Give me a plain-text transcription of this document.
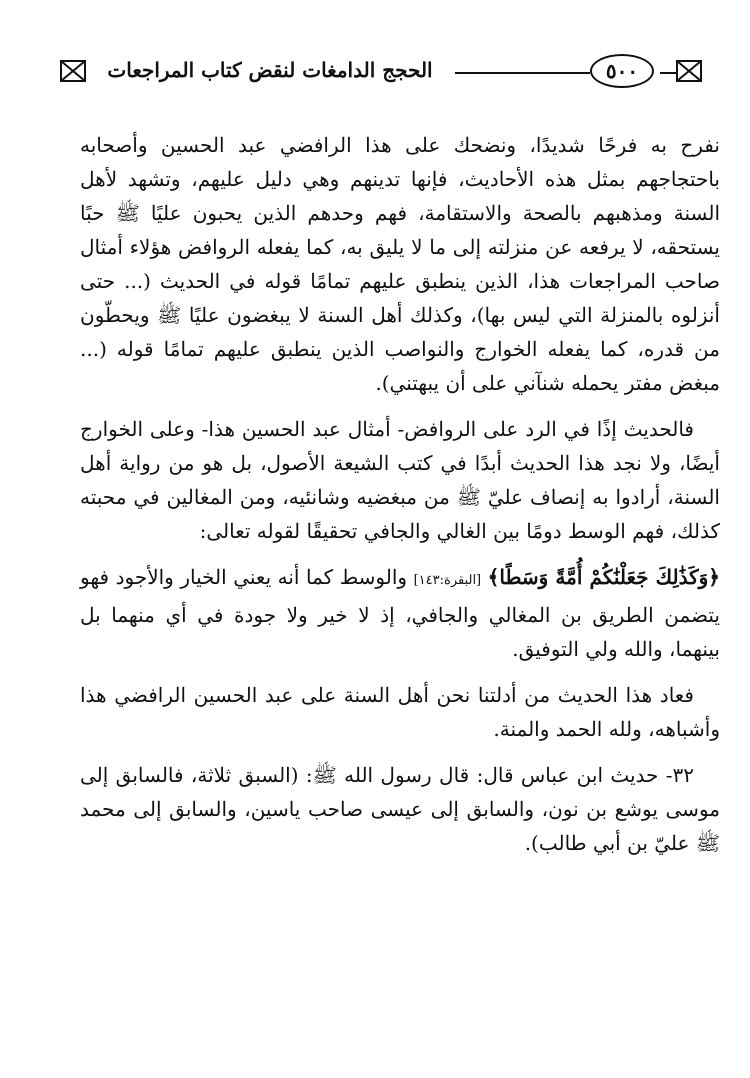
الحجج الدامغات لنقض كتاب المراجعات	٥٠٠

نفرح به فرحًا شديدًا، ونضحك على هذا الرافضي عبد الحسين وأصحابه باحتجاجهم بمثل هذه الأحاديث، فإنها تدينهم وهي دليل عليهم، وتشهد لأهل السنة ومذهبهم بالصحة والاستقامة، فهم وحدهم الذين يحبون عليًا ﷺ حبًا يستحقه، لا يرفعه عن منزلته إلى ما لا يليق به، كما يفعله الروافض هؤلاء أمثال صاحب المراجعات هذا، الذين ينطبق عليهم تمامًا قوله في الحديث (... حتى أنزلوه بالمنزلة التي ليس بها)، وكذلك أهل السنة لا يبغضون عليًا ﷺ ويحطّون من قدره، كما يفعله الخوارج والنواصب الذين ينطبق عليهم تمامًا قوله (... مبغض مفتر يحمله شنآني على أن يبهتني).

فالحديث إذًا في الرد على الروافض- أمثال عبد الحسين هذا- وعلى الخوارج أيضًا، ولا نجد هذا الحديث أبدًا في كتب الشيعة الأصول، بل هو من رواية أهل السنة، أرادوا به إنصاف عليّ ﷺ من مبغضيه وشانئيه، ومن المغالين في محبته كذلك، فهم الوسط دومًا بين الغالي والجافي تحقيقًا لقوله تعالى:

﴿وَكَذَٰلِكَ جَعَلْنَٰكُمْ أُمَّةً وَسَطًا﴾ [البقرة:١٤٣] والوسط كما أنه يعني الخيار والأجود فهو يتضمن الطريق بن المغالي والجافي، إذ لا خير ولا جودة في أي منهما بل بينهما، والله ولي التوفيق.

فعاد هذا الحديث من أدلتنا نحن أهل السنة على عبد الحسين الرافضي هذا وأشباهه، ولله الحمد والمنة.

٣٢- حديث ابن عباس قال: قال رسول الله ﷺ: (السبق ثلاثة، فالسابق إلى موسى يوشع بن نون، والسابق إلى عيسى صاحب ياسين، والسابق إلى محمد ﷺ عليّ بن أبي طالب).
